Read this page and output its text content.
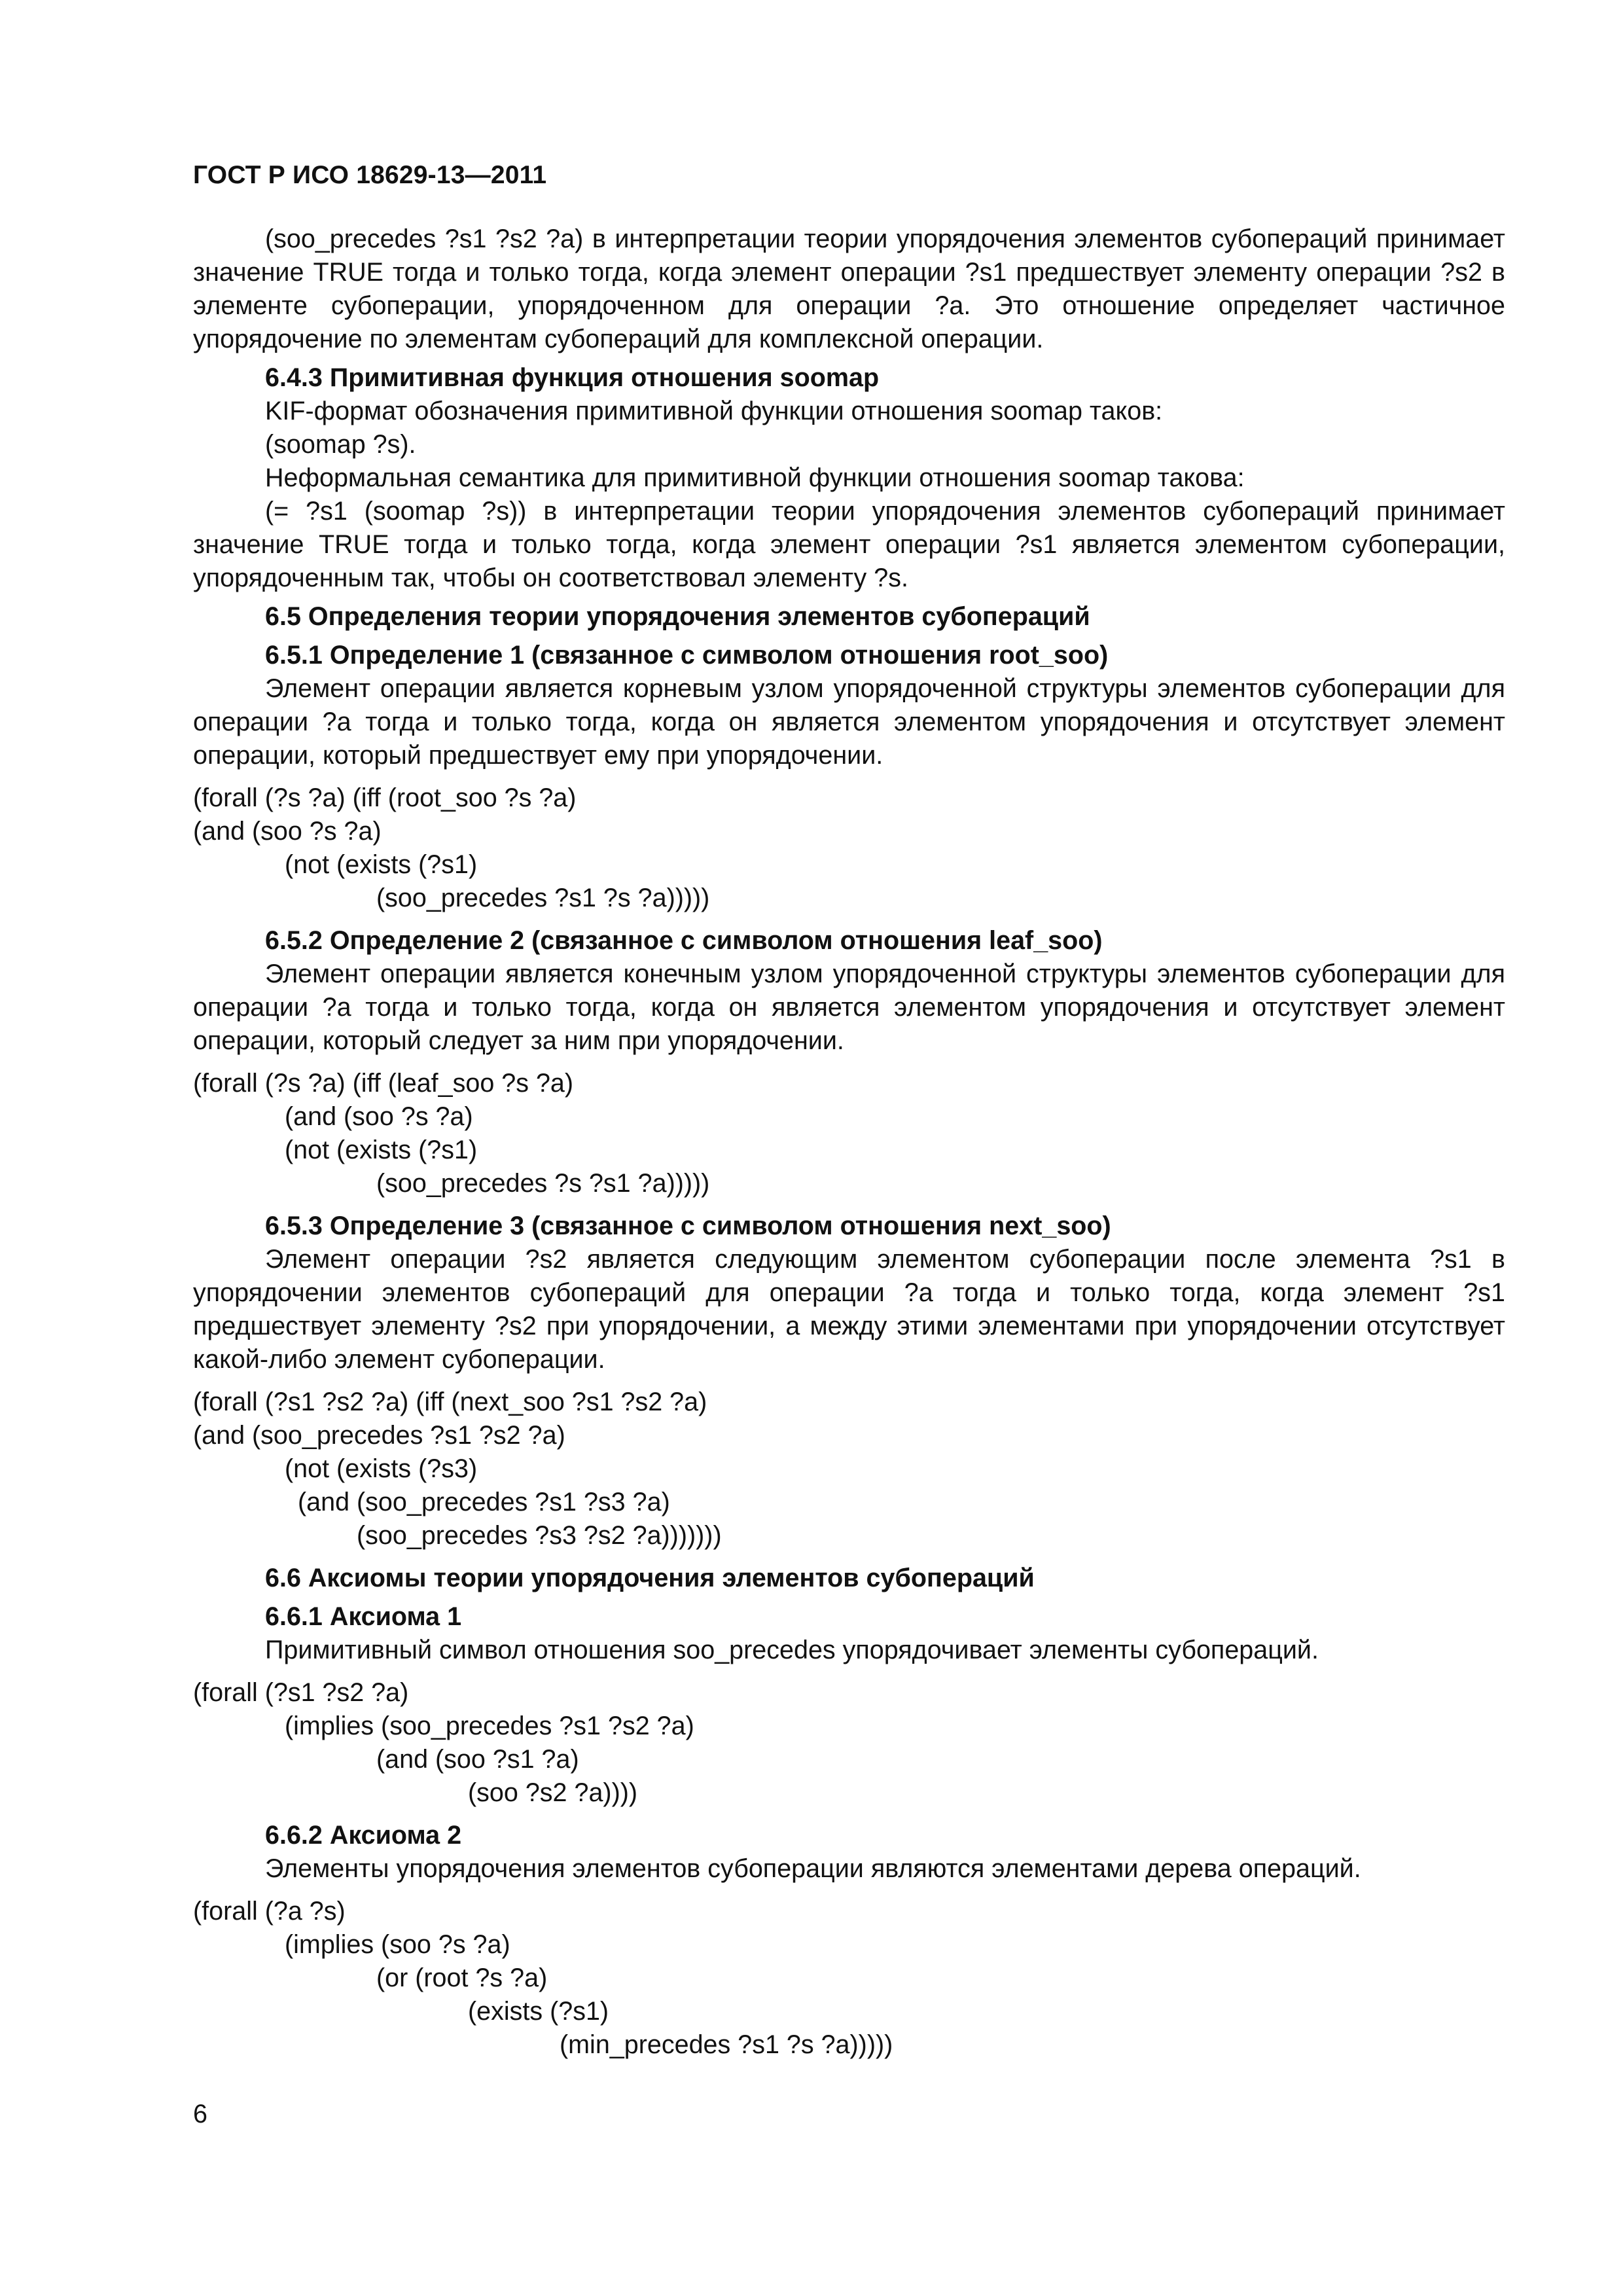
ГОСТ Р ИСО 18629-13—2011

(soo_precedes ?s1 ?s2 ?a) в интерпретации теории упорядочения элементов субопераций принимает значение TRUE тогда и только тогда, когда элемент операции ?s1 предшествует элементу операции ?s2 в элементе субоперации, упорядоченном для операции ?a. Это отношение определяет частичное упорядочение по элементам субопераций для комплексной операции.

6.4.3 Примитивная функция отношения soomap

KIF-формат обозначения примитивной функции отношения soomap таков:

(soomap ?s).

Неформальная семантика для примитивной функции отношения soomap такова:

(= ?s1 (soomap ?s)) в интерпретации теории упорядочения элементов субопераций принимает значение TRUE тогда и только тогда, когда элемент операции ?s1 является элементом субоперации, упорядоченным так, чтобы он соответствовал элементу ?s.

6.5 Определения теории упорядочения элементов субопераций

6.5.1 Определение 1 (связанное с символом отношения root_soo)

Элемент операции является корневым узлом упорядоченной структуры элементов субоперации для операции ?a тогда и только тогда, когда он является элементом упорядочения и отсутствует элемент операции, который предшествует ему при упорядочении.

(forall (?s ?a) (iff (root_soo ?s ?a)

(and (soo ?s ?a)

(not (exists (?s1)

(soo_precedes ?s1 ?s ?a)))))

6.5.2 Определение 2 (связанное с символом отношения leaf_soo)

Элемент операции является конечным узлом упорядоченной структуры элементов субоперации для операции ?a тогда и только тогда, когда он является элементом упорядочения и отсутствует элемент операции, который следует за ним при упорядочении.

(forall (?s ?a) (iff (leaf_soo ?s ?a)

(and (soo ?s ?a)

(not (exists (?s1)

(soo_precedes ?s ?s1 ?a)))))

6.5.3 Определение 3 (связанное с символом отношения next_soo)

Элемент операции ?s2 является следующим элементом субоперации после элемента ?s1 в упорядочении элементов субопераций для операции ?a тогда и только тогда, когда элемент ?s1 предшествует элементу ?s2 при упорядочении, а между этими элементами при упорядочении отсутствует какой-либо элемент субоперации.

(forall (?s1 ?s2 ?a) (iff (next_soo ?s1 ?s2 ?a)

(and (soo_precedes ?s1 ?s2 ?a)

(not (exists (?s3)

(and (soo_precedes ?s1 ?s3 ?a)

(soo_precedes ?s3 ?s2 ?a)))))))

6.6 Аксиомы теории упорядочения элементов субопераций

6.6.1 Аксиома 1

Примитивный символ отношения soo_precedes упорядочивает элементы субопераций.

(forall (?s1 ?s2 ?a)

(implies (soo_precedes ?s1 ?s2 ?a)

(and (soo ?s1 ?a)

(soo ?s2 ?a))))

6.6.2 Аксиома 2

Элементы упорядочения элементов субоперации являются элементами дерева операций.

(forall (?a ?s)

(implies (soo ?s ?a)

(or (root ?s ?a)

(exists (?s1)

(min_precedes ?s1 ?s ?a)))))

6
